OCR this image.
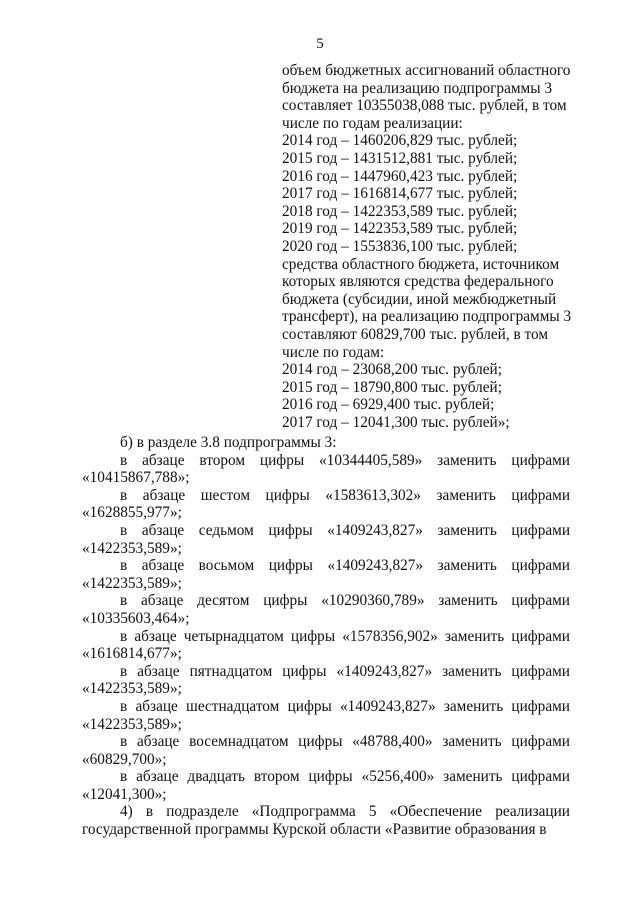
5
объем бюджетных ассигнований областного
бюджета на реализацию подпрограммы 3
составляет 10355038,088 тыс. рублей, в том
числе по годам реализации:
2014 год – 1460206,829 тыс. рублей;
2015 год – 1431512,881 тыс. рублей;
2016 год – 1447960,423 тыс. рублей;
2017 год – 1616814,677 тыс. рублей;
2018 год – 1422353,589 тыс. рублей;
2019 год – 1422353,589 тыс. рублей;
2020 год – 1553836,100 тыс. рублей;
средства областного бюджета, источником
которых являются средства федерального
бюджета (субсидии, иной межбюджетный
трансферт), на реализацию подпрограммы 3
составляют 60829,700 тыс. рублей, в том
числе по годам:
2014 год – 23068,200 тыс. рублей;
2015 год – 18790,800 тыс. рублей;
2016 год – 6929,400 тыс. рублей;
2017 год – 12041,300 тыс. рублей»;

б) в разделе 3.8 подпрограммы 3:

в абзаце втором цифры «10344405,589» заменить цифрами «10415867,788»;

в абзаце шестом цифры «1583613,302» заменить цифрами «1628855,977»;

в абзаце седьмом цифры «1409243,827» заменить цифрами «1422353,589»;

в абзаце восьмом цифры «1409243,827» заменить цифрами «1422353,589»;

в абзаце десятом цифры «10290360,789» заменить цифрами «10335603,464»;

в абзаце четырнадцатом цифры «1578356,902» заменить цифрами «1616814,677»;

в абзаце пятнадцатом цифры «1409243,827» заменить цифрами «1422353,589»;

в абзаце шестнадцатом цифры «1409243,827» заменить цифрами «1422353,589»;

в абзаце восемнадцатом цифры «48788,400» заменить цифрами «60829,700»;

в абзаце двадцать втором цифры «5256,400» заменить цифрами «12041,300»;

4) в подразделе «Подпрограмма 5 «Обеспечение реализации государственной программы Курской области «Развитие образования в
